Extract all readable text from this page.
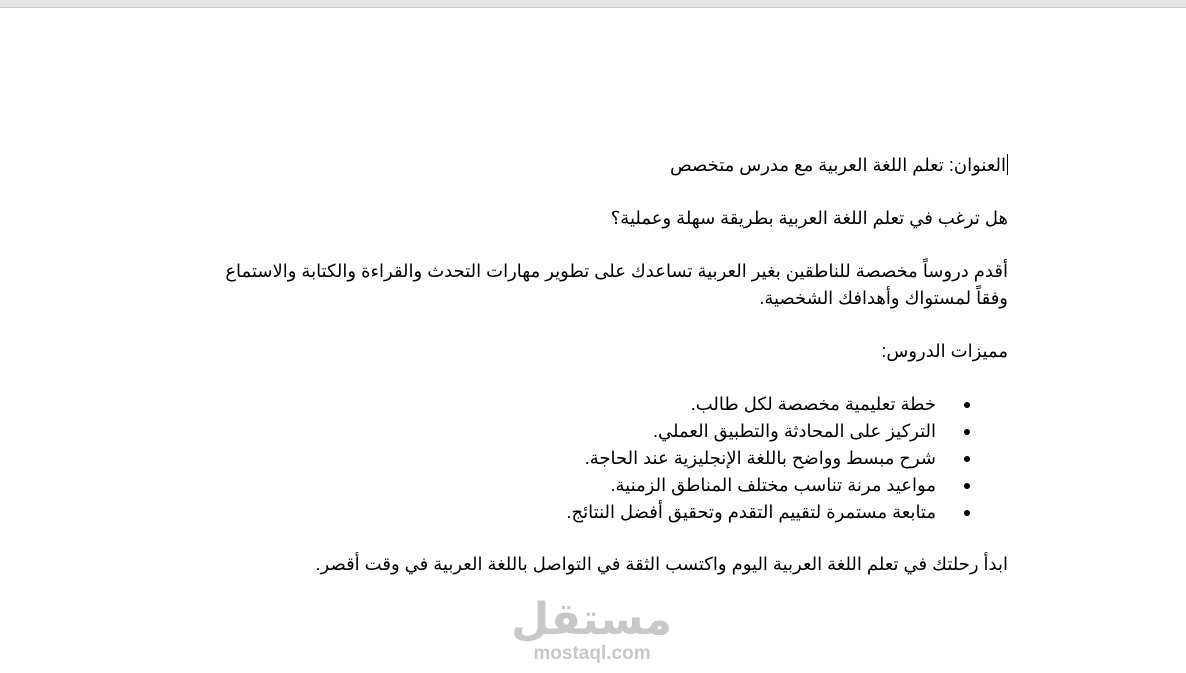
العنوان: تعلم اللغة العربية مع مدرس متخصص

هل ترغب في تعلم اللغة العربية بطريقة سهلة وعملية؟

أقدم دروساً مخصصة للناطقين بغير العربية تساعدك على تطوير مهارات التحدث والقراءة والكتابة والاستماع
وفقاً لمستواك وأهدافك الشخصية.

مميزات الدروس:

خطة تعليمية مخصصة لكل طالب.
التركيز على المحادثة والتطبيق العملي.
شرح مبسط وواضح باللغة الإنجليزية عند الحاجة.
مواعيد مرنة تناسب مختلف المناطق الزمنية.
متابعة مستمرة لتقييم التقدم وتحقيق أفضل النتائج.

ابدأ رحلتك في تعلم اللغة العربية اليوم واكتسب الثقة في التواصل باللغة العربية في وقت أقصر.

مستقل
mostaql.com
